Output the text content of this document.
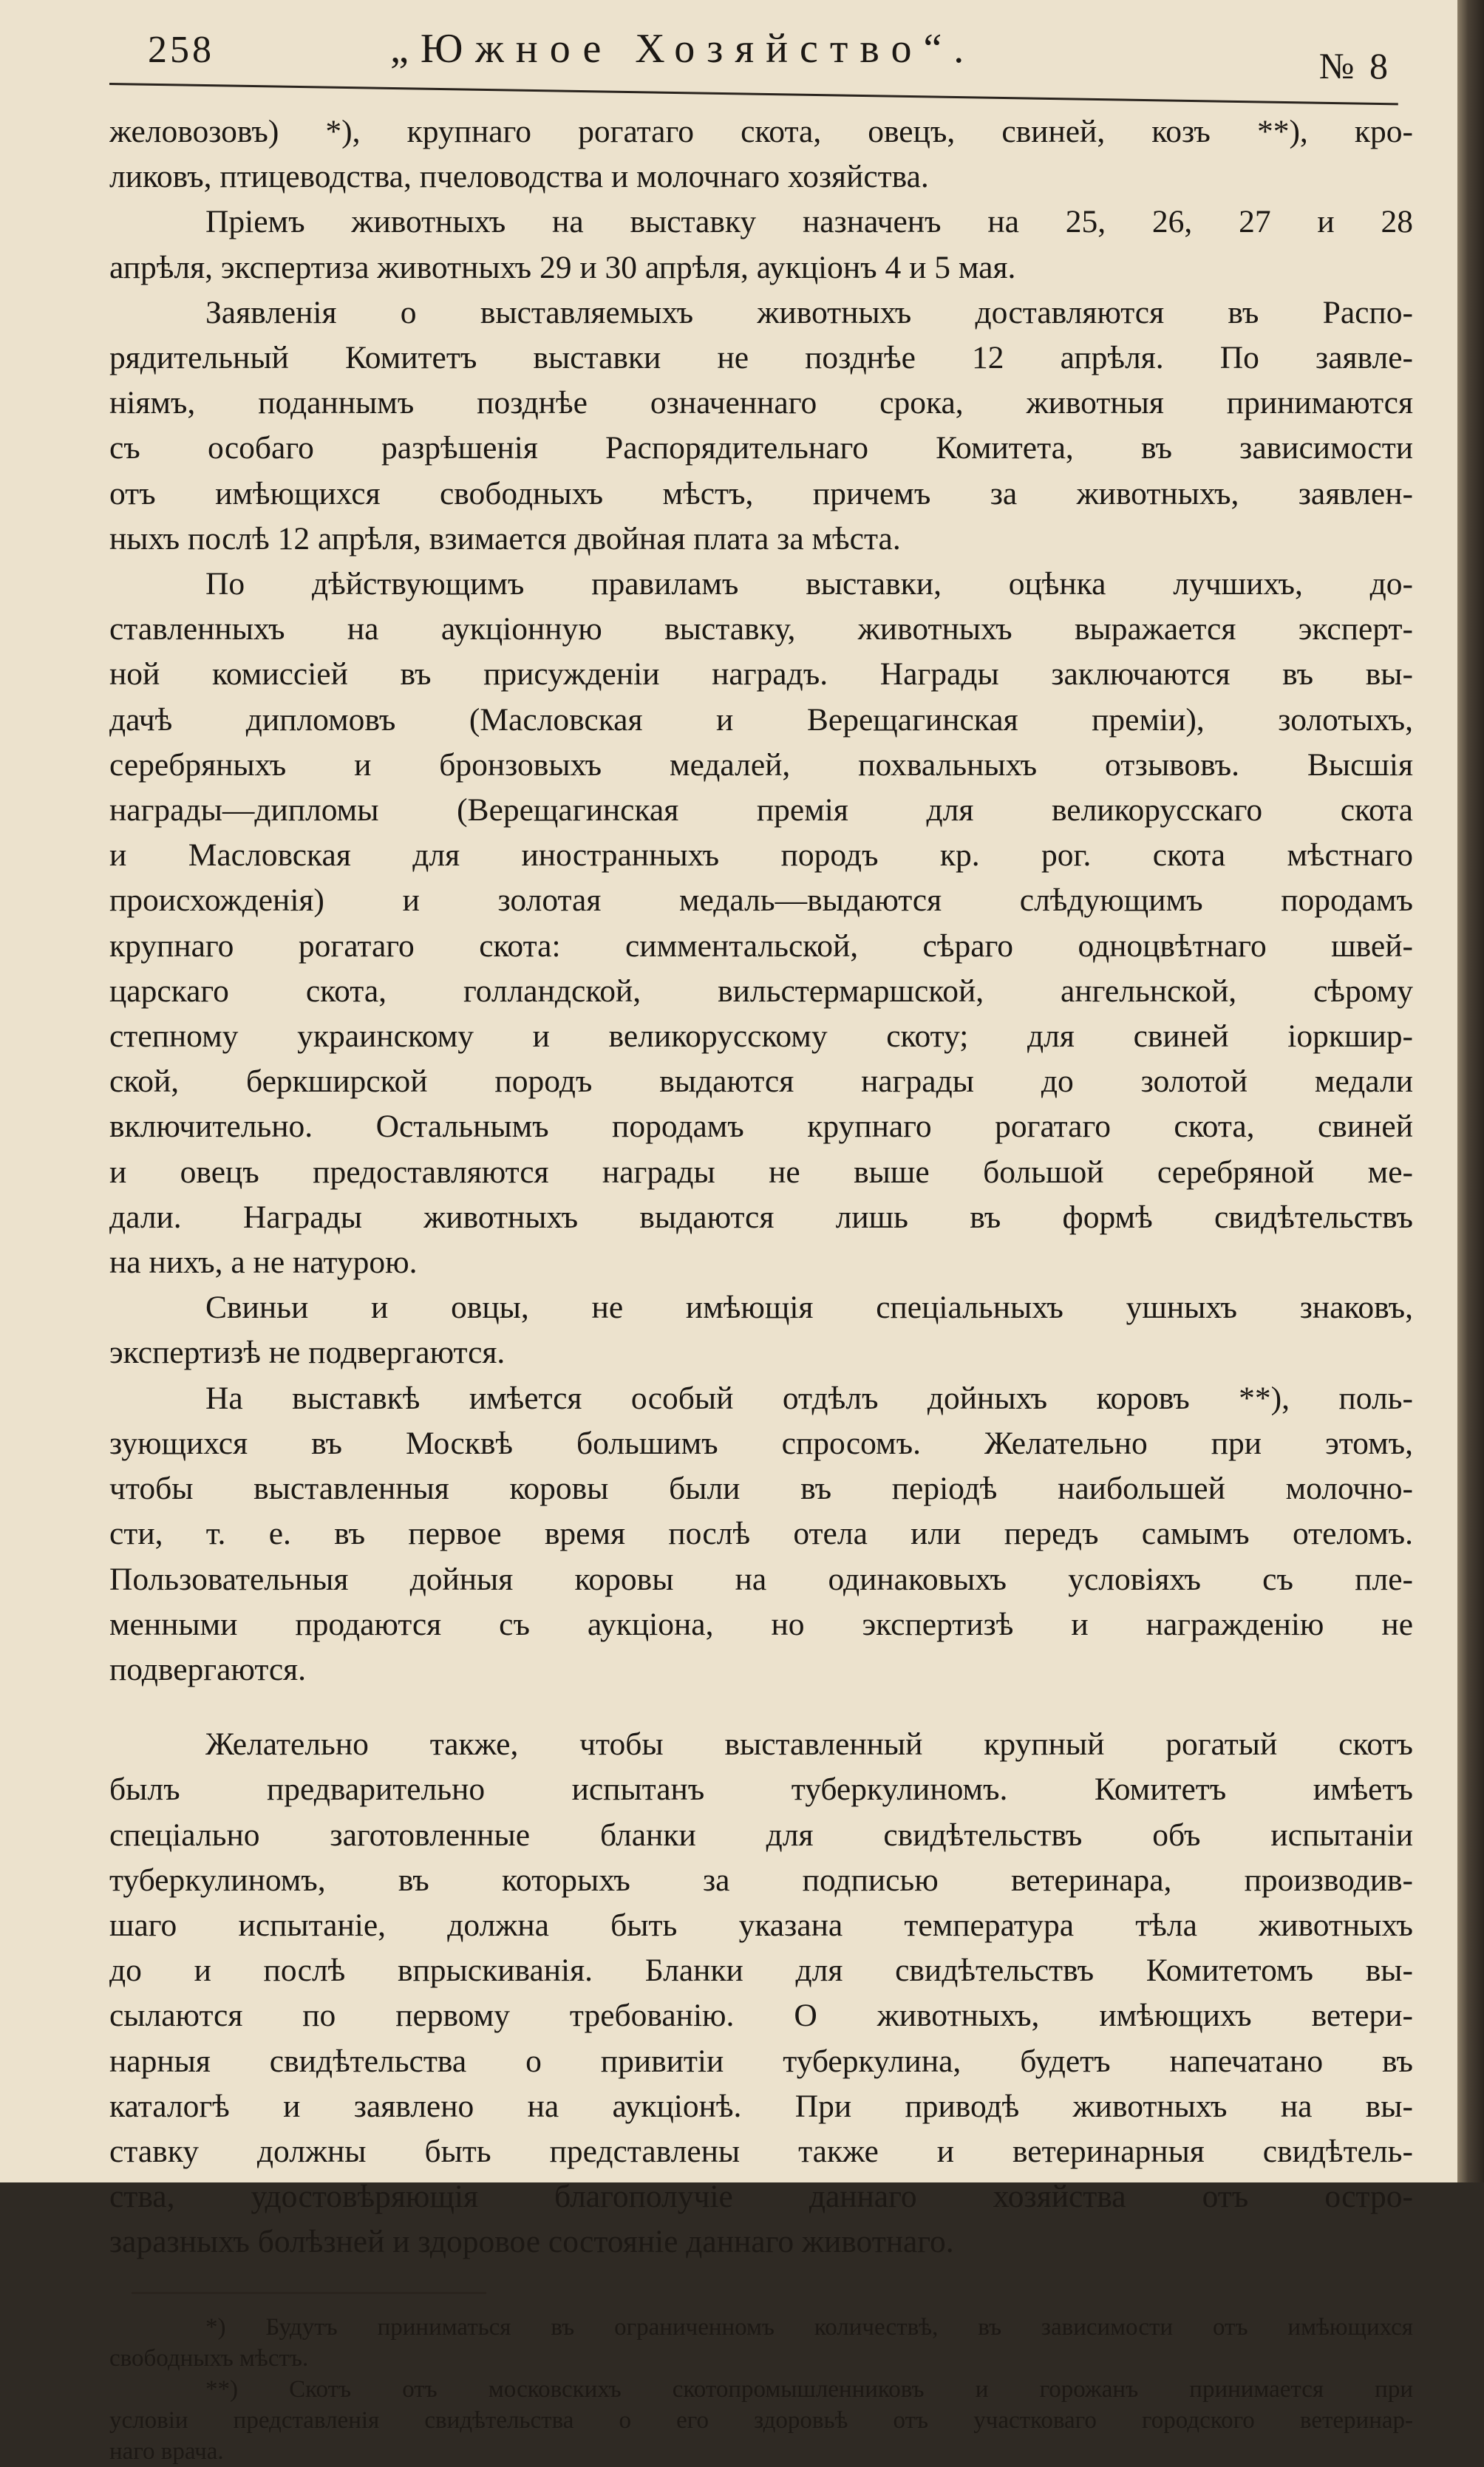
258	„Южное Хозяйство“.	№ 8

желовозовъ) *), крупнаго рогатаго скота, овецъ, свиней, козъ **), кро-

ликовъ, птицеводства, пчеловодства и молочнаго хозяйства.

Пріемъ животныхъ на выставку назначенъ на 25, 26, 27 и 28

апрѣля, экспертиза животныхъ 29 и 30 апрѣля, аукціонъ 4 и 5 мая.

Заявленія о выставляемыхъ животныхъ доставляются въ Распо-

рядительный Комитетъ выставки не позднѣе 12 апрѣля. По заявле-

ніямъ, поданнымъ позднѣе означеннаго срока, животныя принимаются

съ особаго разрѣшенія Распорядительнаго Комитета, въ зависимости

отъ имѣющихся свободныхъ мѣстъ, причемъ за животныхъ, заявлен-

ныхъ послѣ 12 апрѣля, взимается двойная плата за мѣста.

По дѣйствующимъ правиламъ выставки, оцѣнка лучшихъ, до-

ставленныхъ на аукціонную выставку, животныхъ выражается эксперт-

ной комиссіей въ присужденіи наградъ. Награды заключаются въ вы-

дачѣ дипломовъ (Масловская и Верещагинская преміи), золотыхъ,

серебряныхъ и бронзовыхъ медалей, похвальныхъ отзывовъ. Высшія

награды—дипломы (Верещагинская премія для великорусскаго скота

и Масловская для иностранныхъ породъ кр. рог. скота мѣстнаго

происхожденія) и золотая медаль—выдаются слѣдующимъ породамъ

крупнаго рогатаго скота: симментальской, сѣраго одноцвѣтнаго швей-

царскаго скота, голландской, вильстермаршской, ангельнской, сѣрому

степному украинскому и великорусскому скоту; для свиней іоркшир-

ской, беркширской породъ выдаются награды до золотой медали

включительно. Остальнымъ породамъ крупнаго рогатаго скота, свиней

и овецъ предоставляются награды не выше большой серебряной ме-

дали. Награды животныхъ выдаются лишь въ формѣ свидѣтельствъ

на нихъ, а не натурою.

Свиньи и овцы, не имѣющія спеціальныхъ ушныхъ знаковъ,

экспертизѣ не подвергаются.

На выставкѣ имѣется особый отдѣлъ дойныхъ коровъ **), поль-

зующихся въ Москвѣ большимъ спросомъ. Желательно при этомъ,

чтобы выставленныя коровы были въ періодѣ наибольшей молочно-

сти, т. е. въ первое время послѣ отела или передъ самымъ отеломъ.

Пользовательныя дойныя коровы на одинаковыхъ условіяхъ съ пле-

менными продаются съ аукціона, но экспертизѣ и награжденію не

подвергаются.

Желательно также, чтобы выставленный крупный рогатый скотъ

былъ предварительно испытанъ туберкулиномъ. Комитетъ имѣетъ

спеціально заготовленные бланки для свидѣтельствъ объ испытаніи

туберкулиномъ, въ которыхъ за подписью ветеринара, производив-

шаго испытаніе, должна быть указана температура тѣла животныхъ

до и послѣ впрыскиванія. Бланки для свидѣтельствъ Комитетомъ вы-

сылаются по первому требованію. О животныхъ, имѣющихъ ветери-

нарныя свидѣтельства о привитіи туберкулина, будетъ напечатано въ

каталогѣ и заявлено на аукціонѣ. При приводѣ животныхъ на вы-

ставку должны быть представлены также и ветеринарныя свидѣтель-

ства, удостовѣряющія благополучіе даннаго хозяйства отъ остро-

заразныхъ болѣзней и здоровое состояніе даннаго животнаго.

*) Будутъ приниматься въ ограниченномъ количествѣ, въ зависимости отъ имѣющихся

свободныхъ мѣстъ.

**) Скотъ отъ московскихъ скотопромышленниковъ и горожанъ принимается при

условіи представленія свидѣтельства о его здоровьѣ отъ участковаго городского ветеринар-

наго врача.
